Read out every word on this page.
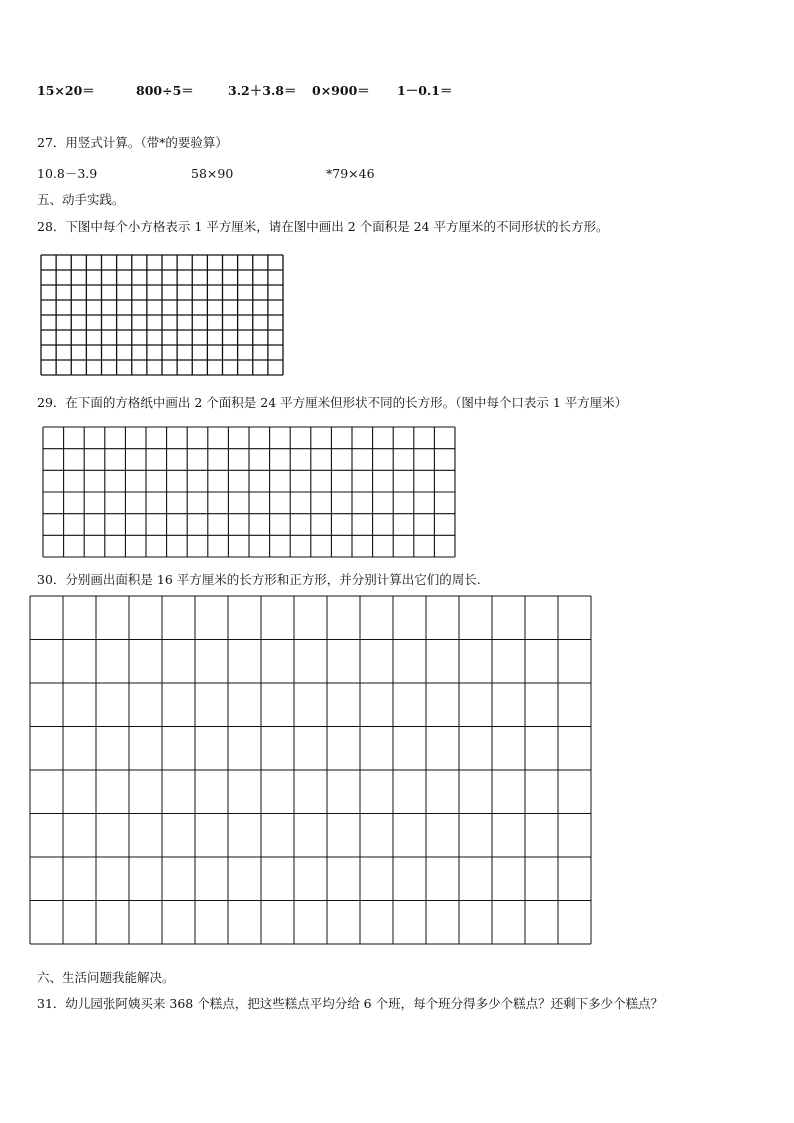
15×20＝	800÷5＝	3.2＋3.8＝ 0×900＝ 1－0.1＝
27．用竖式计算。（带*的要验算）
10.8－3.9	58×90	*79×46
五、动手实践。
28．下图中每个小方格表示 1 平方厘米，请在图中画出 2 个面积是 24 平方厘米的不同形状的长方形。
29．在下面的方格纸中画出 2 个面积是 24 平方厘米但形状不同的长方形。（图中每个口表示 1 平方厘米）
30．分别画出面积是 16 平方厘米的长方形和正方形，并分别计算出它们的周长.
六、生活问题我能解决。
31．幼儿园张阿姨买来 368 个糕点，把这些糕点平均分给 6 个班，每个班分得多少个糕点？还剩下多少个糕点？
